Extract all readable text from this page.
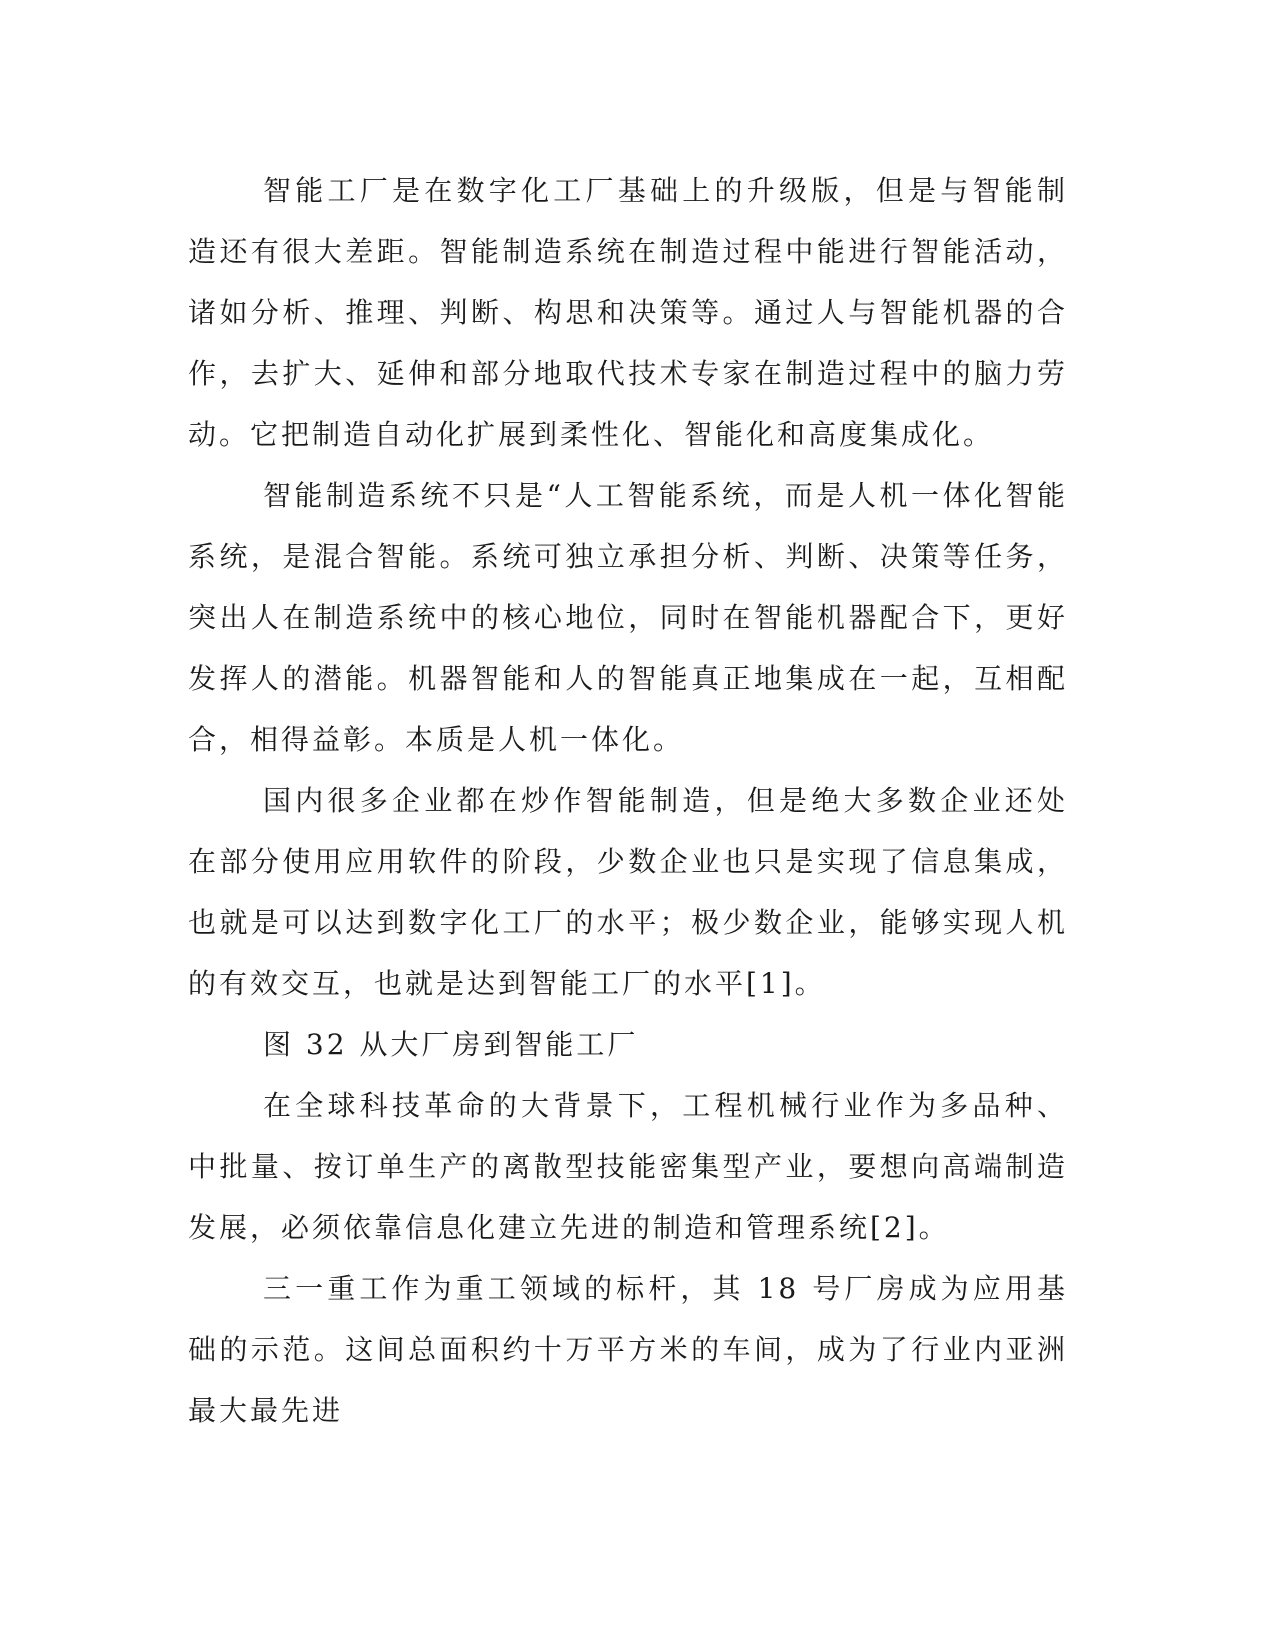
智能工厂是在数字化工厂基础上的升级版，但是与智能制造还有很大差距。智能制造系统在制造过程中能进行智能活动，诸如分析、推理、判断、构思和决策等。通过人与智能机器的合作，去扩大、延伸和部分地取代技术专家在制造过程中的脑力劳动。它把制造自动化扩展到柔性化、智能化和高度集成化。

智能制造系统不只是“人工智能系统，而是人机一体化智能系统，是混合智能。系统可独立承担分析、判断、决策等任务，突出人在制造系统中的核心地位，同时在智能机器配合下，更好发挥人的潜能。机器智能和人的智能真正地集成在一起，互相配合，相得益彰。本质是人机一体化。

国内很多企业都在炒作智能制造，但是绝大多数企业还处在部分使用应用软件的阶段，少数企业也只是实现了信息集成，也就是可以达到数字化工厂的水平；极少数企业，能够实现人机的有效交互，也就是达到智能工厂的水平[1]。

图 32 从大厂房到智能工厂

在全球科技革命的大背景下，工程机械行业作为多品种、中批量、按订单生产的离散型技能密集型产业，要想向高端制造发展，必须依靠信息化建立先进的制造和管理系统[2]。

三一重工作为重工领域的标杆，其 18 号厂房成为应用基础的示范。这间总面积约十万平方米的车间，成为了行业内亚洲最大最先进
